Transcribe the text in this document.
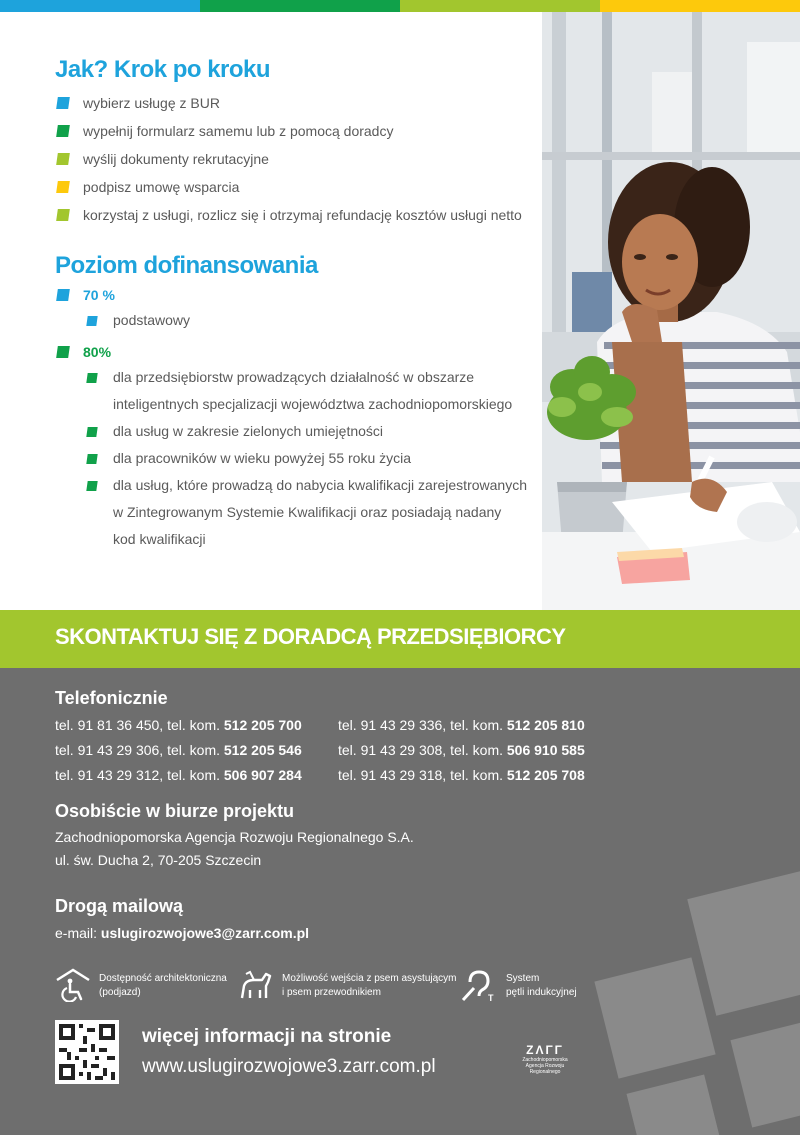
Jak? Krok po kroku
wybierz usługę z BUR
wypełnij formularz samemu lub z pomocą doradcy
wyślij dokumenty rekrutacyjne
podpisz umowę wsparcia
korzystaj z usługi, rozlicz się i otrzymaj refundację kosztów usługi netto
Poziom dofinansowania
70 %
podstawowy
80%
dla przedsiębiorstw prowadzących działalność w obszarze
inteligentnych specjalizacji województwa zachodniopomorskiego
dla usług w zakresie zielonych umiejętności
dla pracowników w wieku powyżej 55 roku życia
dla usług, które prowadzą do nabycia kwalifikacji zarejestrowanych
w Zintegrowanym Systemie Kwalifikacji oraz posiadają nadany
kod kwalifikacji
SKONTAKTUJ SIĘ Z DORADCĄ PRZEDSIĘBIORCY
Telefonicznie
tel. 91 81 36 450, tel. kom. 512 205 700
tel. 91 43 29 306, tel. kom. 512 205 546
tel. 91 43 29 312, tel. kom. 506 907 284
tel. 91 43 29 336, tel. kom. 512 205 810
tel. 91 43 29 308, tel. kom. 506 910 585
tel. 91 43 29 318, tel. kom. 512 205 708
Osobiście w biurze projektu
Zachodniopomorska Agencja Rozwoju Regionalnego S.A.
ul. św. Ducha 2, 70-205 Szczecin
Drogą mailową
e-mail: uslugirozwojowe3@zarr.com.pl
Dostępność architektoniczna
(podjazd)
Możliwość wejścia z psem asystującym
i psem przewodnikiem	T
System
pętli indukcyjnej
więcej informacji na stronie
www.uslugirozwojowe3.zarr.com.pl
ZΛΓΓ
Zachodniopomorska
Agencja Rozwoju Regionalnego
